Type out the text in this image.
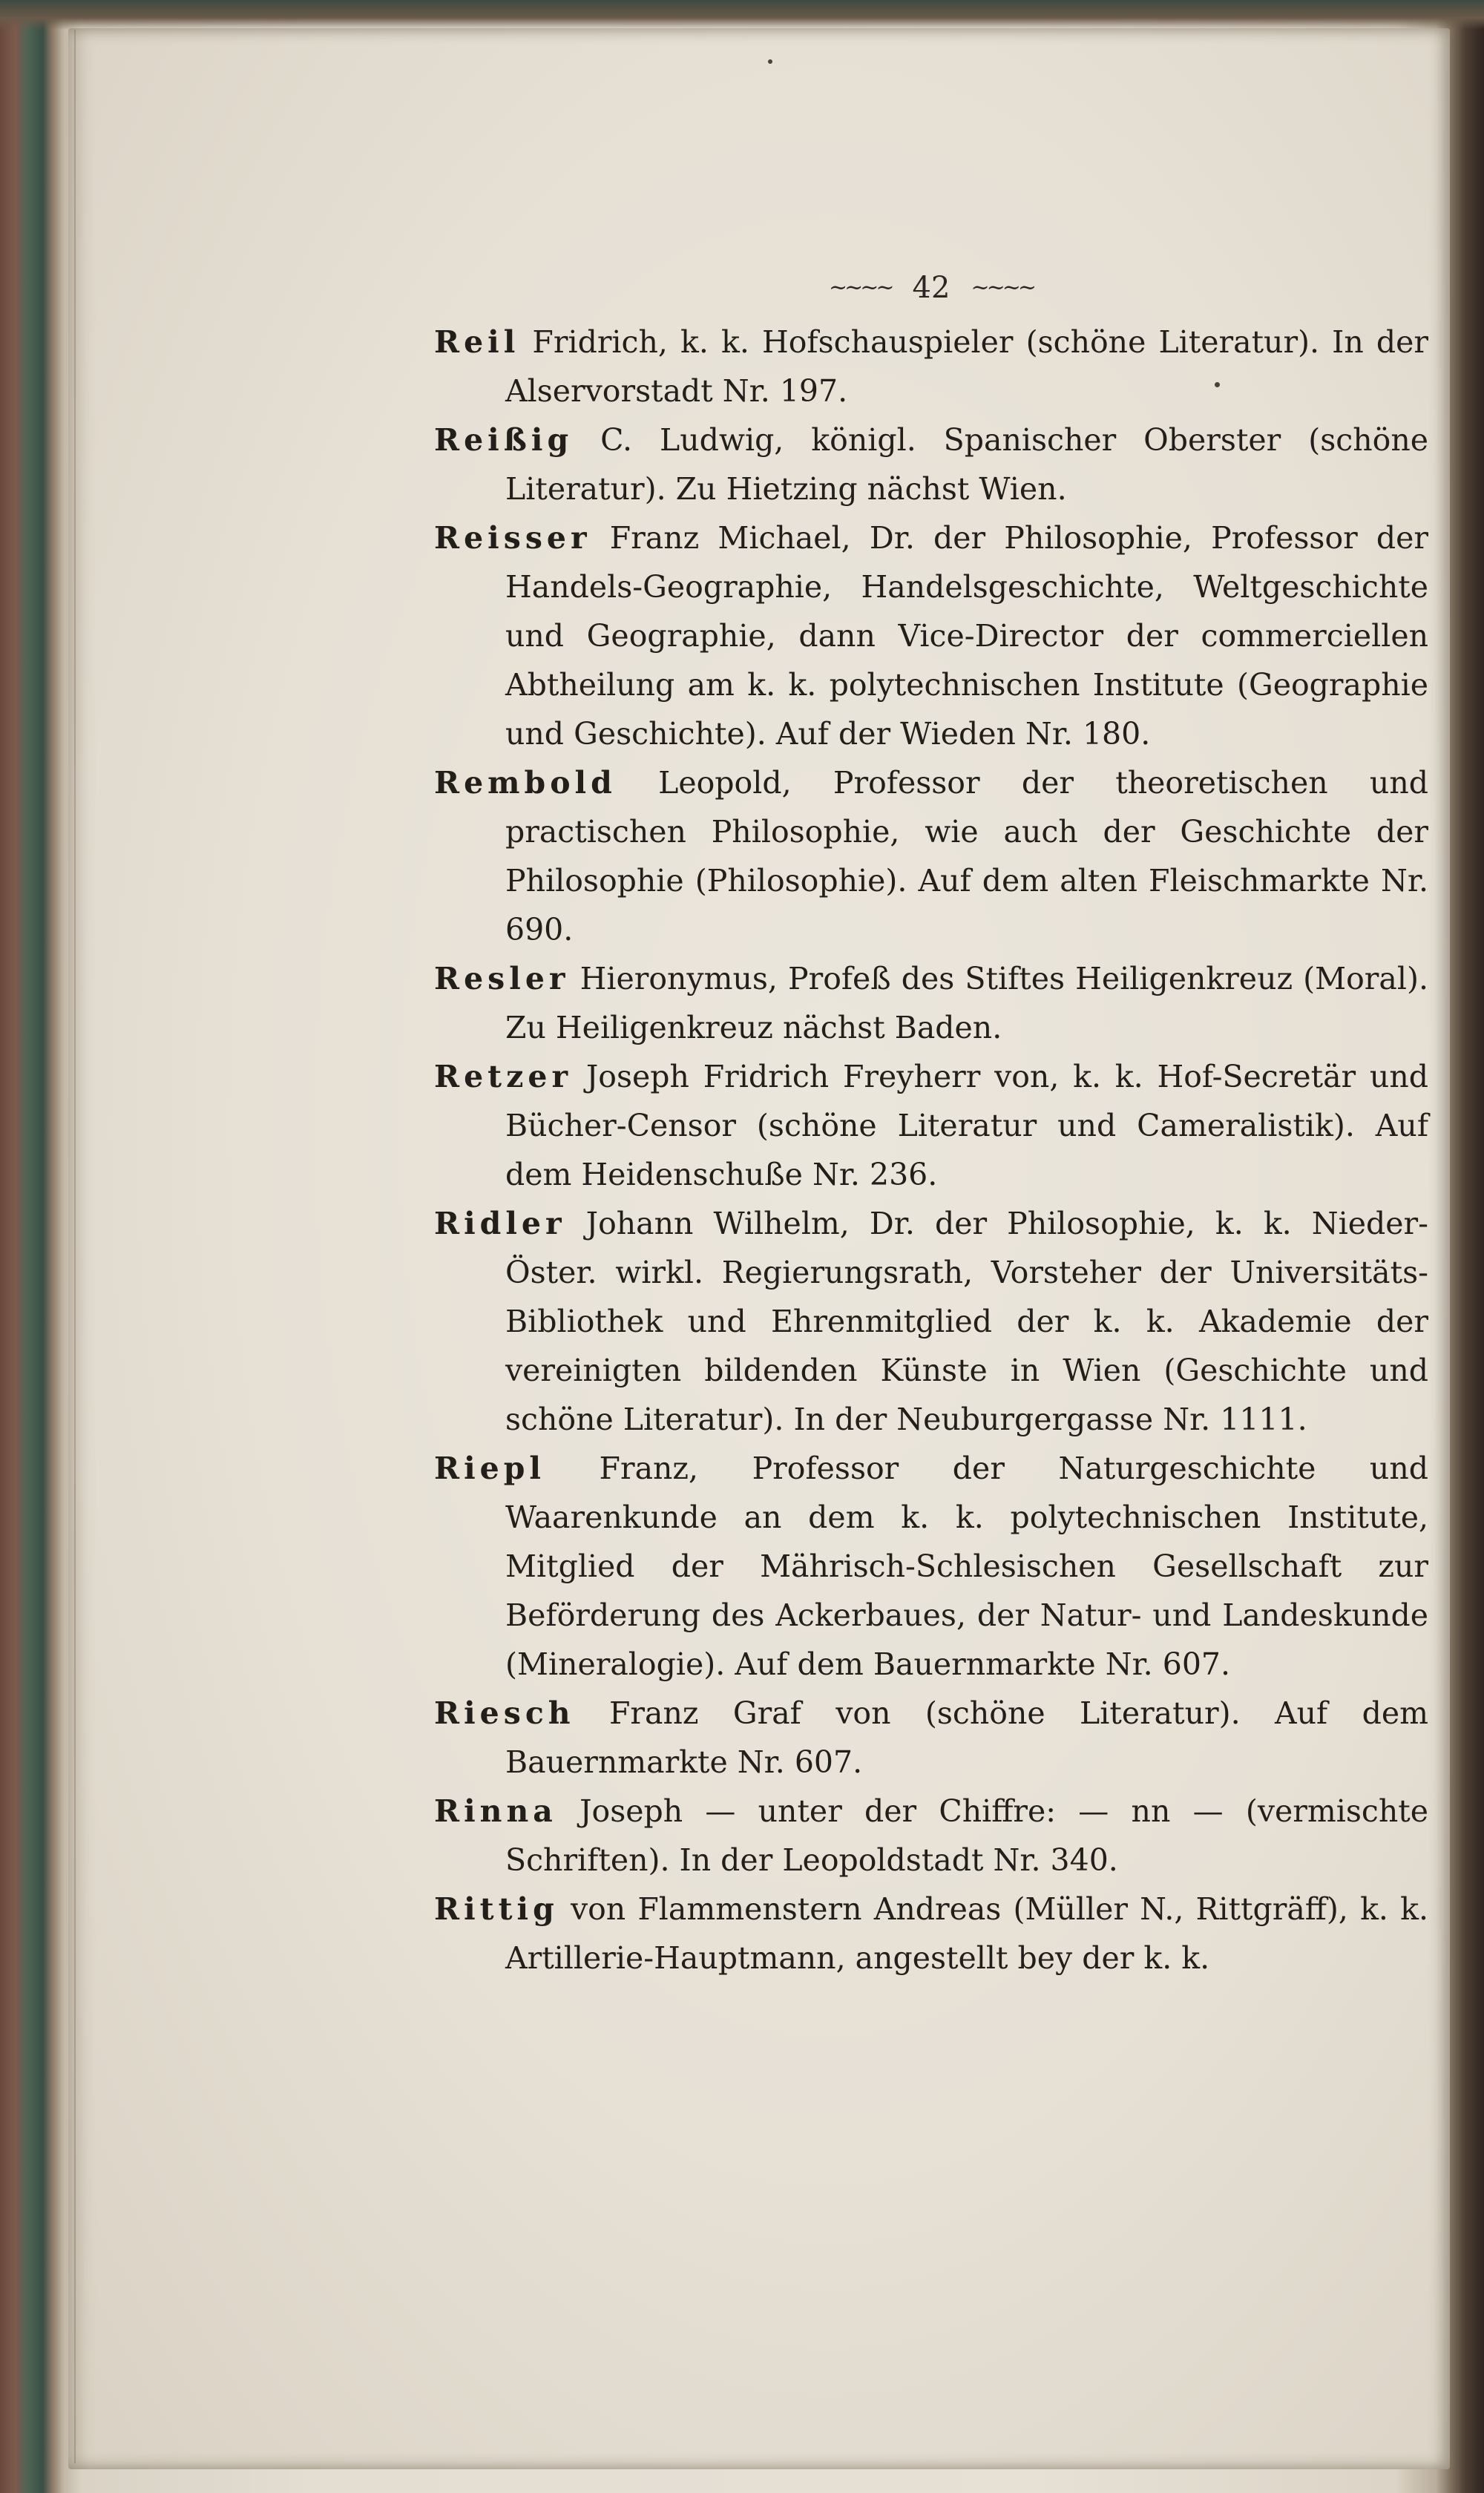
~~~~ 42 ~~~~

Reil Fridrich, k. k. Hofschauspieler (schöne Literatur). In der Alservorstadt Nr. 197.

Reißig C. Ludwig, königl. Spanischer Oberster (schöne Literatur). Zu Hietzing nächst Wien.

Reisser Franz Michael, Dr. der Philosophie, Professor der Handels-Geographie, Handelsgeschichte, Weltgeschichte und Geographie, dann Vice-Director der commerciellen Abtheilung am k. k. polytechnischen Institute (Geographie und Geschichte). Auf der Wieden Nr. 180.

Rembold Leopold, Professor der theoretischen und practischen Philosophie, wie auch der Geschichte der Philosophie (Philosophie). Auf dem alten Fleischmarkte Nr. 690.

Resler Hieronymus, Profeß des Stiftes Heiligenkreuz (Moral). Zu Heiligenkreuz nächst Baden.

Retzer Joseph Fridrich Freyherr von, k. k. Hof-Secretär und Bücher-Censor (schöne Literatur und Cameralistik). Auf dem Heidenschuße Nr. 236.

Ridler Johann Wilhelm, Dr. der Philosophie, k. k. Nieder-Öster. wirkl. Regierungsrath, Vorsteher der Universitäts-Bibliothek und Ehrenmitglied der k. k. Akademie der vereinigten bildenden Künste in Wien (Geschichte und schöne Literatur). In der Neuburgergasse Nr. 1111.

Riepl Franz, Professor der Naturgeschichte und Waarenkunde an dem k. k. polytechnischen Institute, Mitglied der Mährisch-Schlesischen Gesellschaft zur Beförderung des Ackerbaues, der Natur- und Landeskunde (Mineralogie). Auf dem Bauernmarkte Nr. 607.

Riesch Franz Graf von (schöne Literatur). Auf dem Bauernmarkte Nr. 607.

Rinna Joseph — unter der Chiffre: — nn — (vermischte Schriften). In der Leopoldstadt Nr. 340.

Rittig von Flammenstern Andreas (Müller N., Rittgräff), k. k. Artillerie-Hauptmann, angestellt bey der k. k.
